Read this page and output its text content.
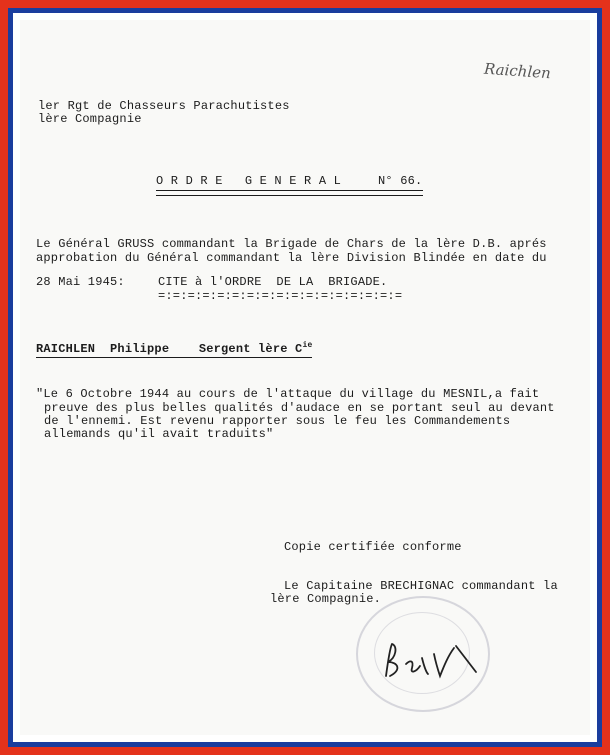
Raichlen
ler Rgt de Chasseurs Parachutistes
lère Compagnie
O R D R E   G E N E R A L     N° 66.
Le Général GRUSS commandant la Brigade de Chars de la lère D.B. aprés
approbation du Général commandant la lère Division Blindée en date du
28 Mai 1945:	CITE à l'ORDRE  DE LA  BRIGADE.
=:=:=:=:=:=:=:=:=:=:=:=:=:=:=:=:=
RAICHLEN  Philippe    Sergent lère $C^{ie}$
"Le 6 Octobre 1944 au cours de l'attaque du village du MESNIL,a fait
preuve des plus belles qualités d'audace en se portant seul au devant
de l'ennemi. Est revenu rapporter sous le feu les Commandements
allemands qu'il avait traduits"
Copie certifiée conforme
Le Capitaine BRECHIGNAC commandant la
lère Compagnie.
